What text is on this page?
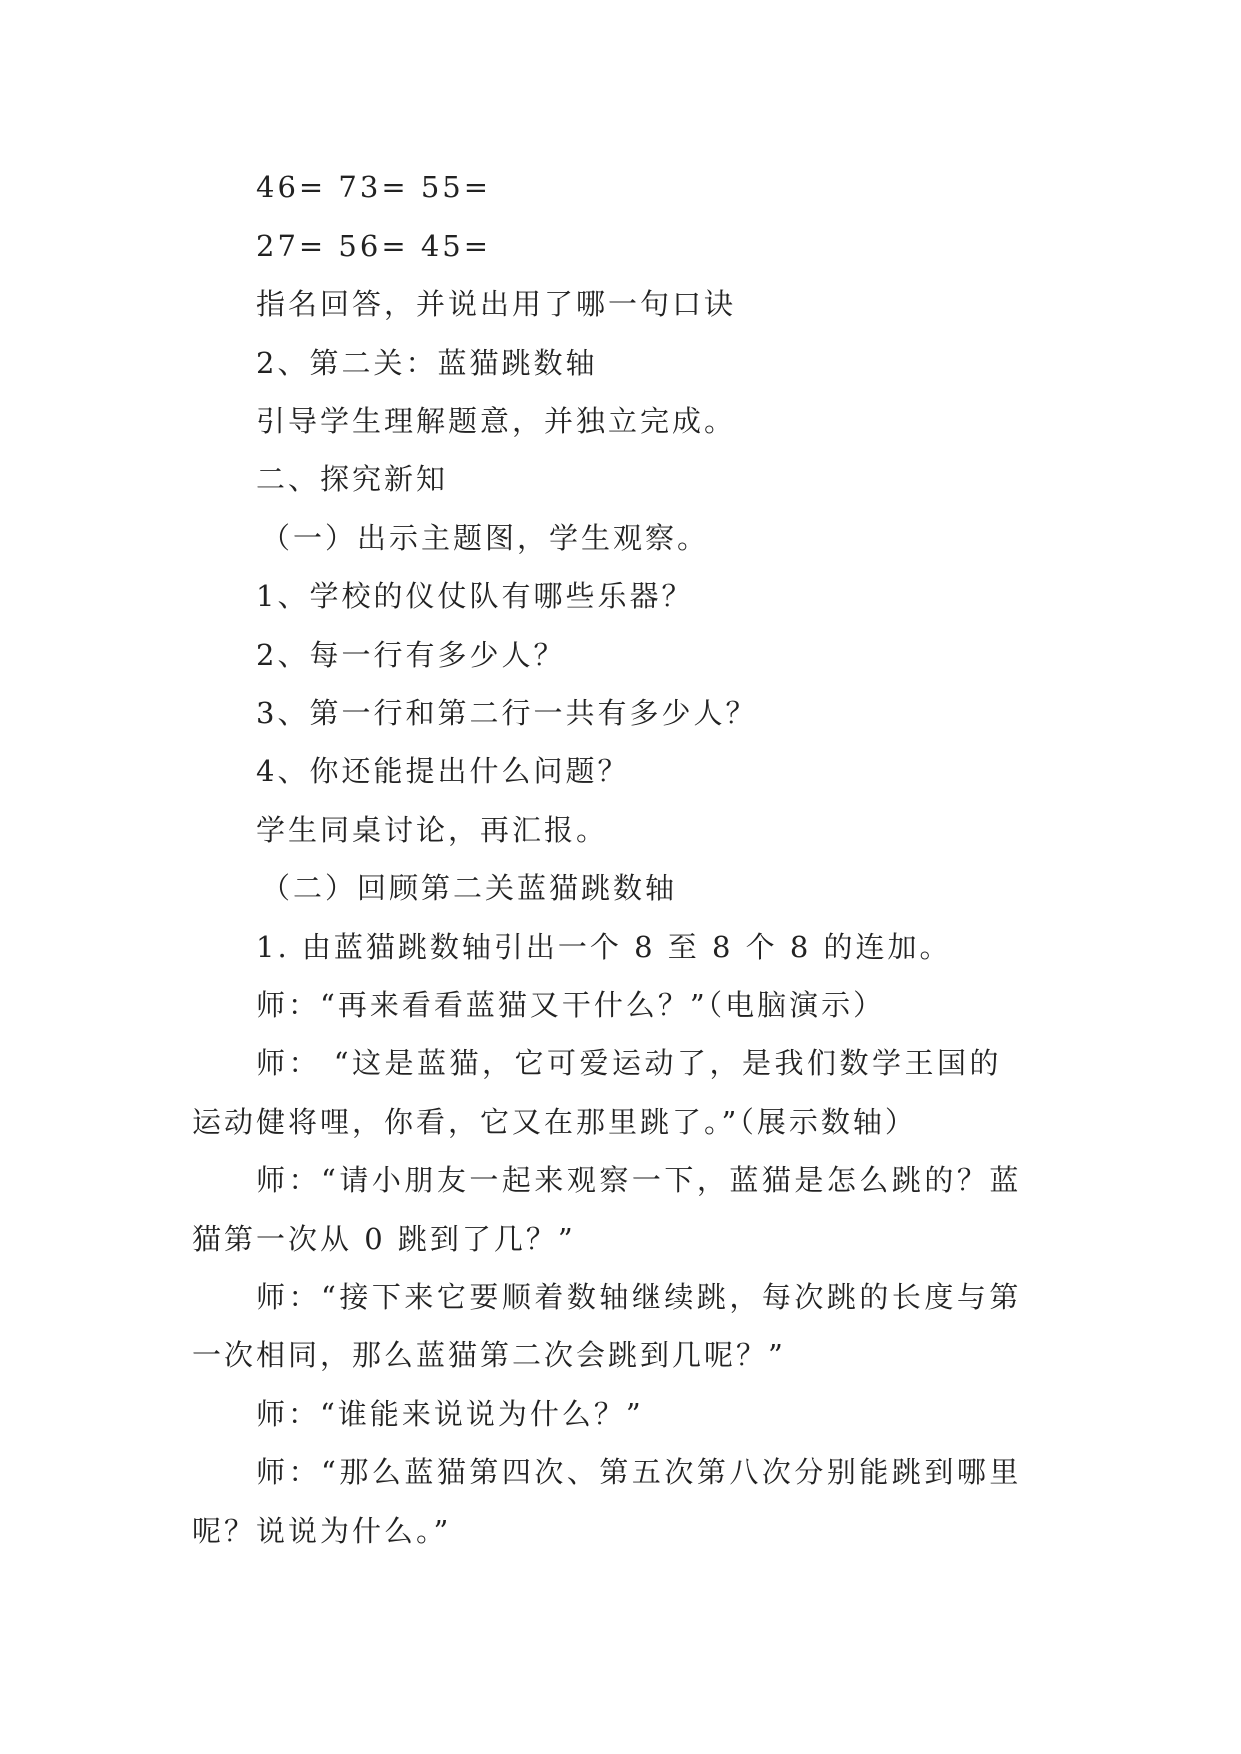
46= 73= 55=
27= 56= 45=
指名回答，并说出用了哪一句口诀
2、第二关：蓝猫跳数轴
引导学生理解题意，并独立完成。
二、探究新知
（一）出示主题图，学生观察。
1、学校的仪仗队有哪些乐器？
2、每一行有多少人？
3、第一行和第二行一共有多少人？
4、你还能提出什么问题？
学生同桌讨论，再汇报。
（二）回顾第二关蓝猫跳数轴
1. 由蓝猫跳数轴引出一个 8 至 8 个 8 的连加。
师：“再来看看蓝猫又干什么？”（电脑演示）
师： “这是蓝猫，它可爱运动了，是我们数学王国的
运动健将哩，你看，它又在那里跳了。”（展示数轴）
师：“请小朋友一起来观察一下，蓝猫是怎么跳的？蓝
猫第一次从 0 跳到了几？”
师：“接下来它要顺着数轴继续跳，每次跳的长度与第
一次相同，那么蓝猫第二次会跳到几呢？”
师：“谁能来说说为什么？”
师：“那么蓝猫第四次、第五次第八次分别能跳到哪里
呢？说说为什么。”
